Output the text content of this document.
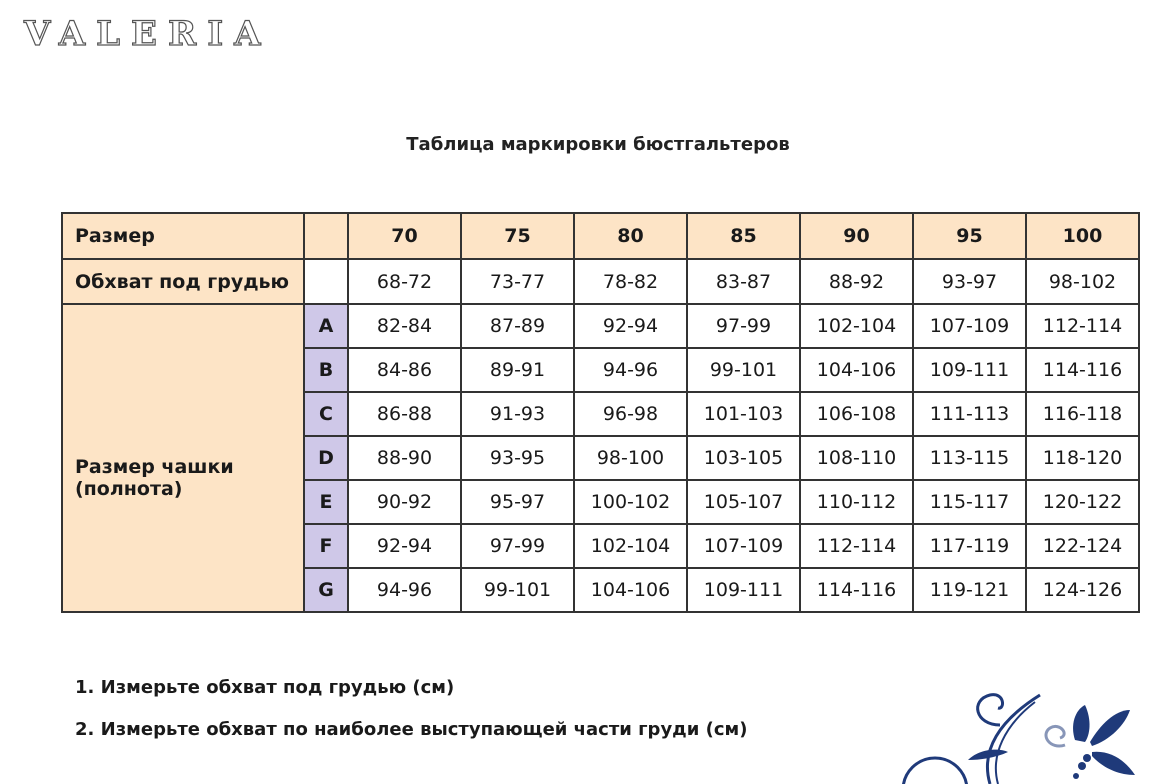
VALERIA
Таблица маркировки бюстгальтеров
Размер		70	75	80	85	90	95	100
Обхват под грудью		68-72	73-77	78-82	83-87	88-92	93-97	98-102

Размер чашки
(полнота)	A	82-84	87-89	92-94	97-99	102-104	107-109	112-114
	B	84-86	89-91	94-96	99-101	104-106	109-111	114-116
	C	86-88	91-93	96-98	101-103	106-108	111-113	116-118
	D	88-90	93-95	98-100	103-105	108-110	113-115	118-120
	E	90-92	95-97	100-102	105-107	110-112	115-117	120-122
	F	92-94	97-99	102-104	107-109	112-114	117-119	122-124
	G	94-96	99-101	104-106	109-111	114-116	119-121	124-126
1. Измерьте обхват под грудью (см)
2. Измерьте обхват по наиболее выступающей части груди (см)
